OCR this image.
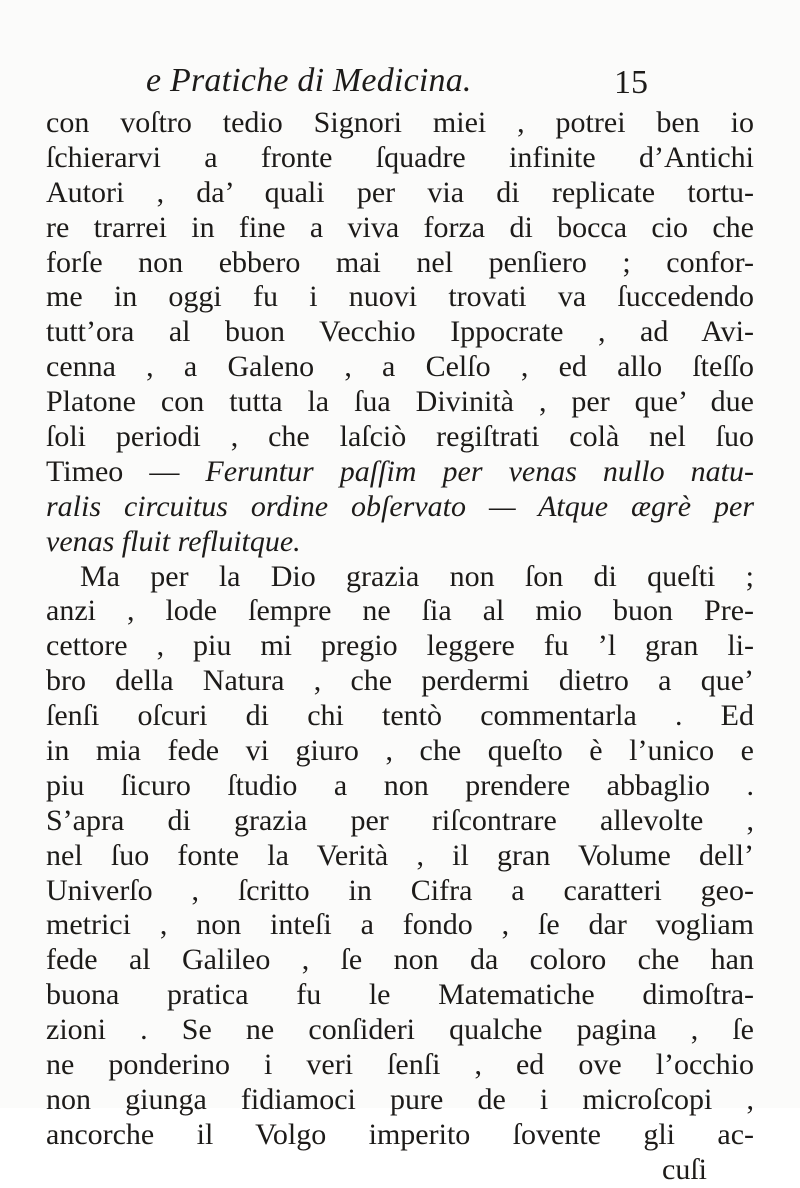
e Pratiche di Medicina.	15
con voſtro tedio Signori miei , potrei ben io
ſchierarvi a fronte ſquadre infinite d’Antichi
Autori , da’ quali per via di replicate tortu-
re trarrei in fine a viva forza di bocca cio che
forſe non ebbero mai nel penſiero ; confor-
me in oggi fu i nuovi trovati va ſuccedendo
tutt’ora al buon Vecchio Ippocrate , ad Avi-
cenna , a Galeno , a Celſo , ed allo ſteſſo
Platone con tutta la ſua Divinità , per que’ due
ſoli periodi , che laſciò regiſtrati colà nel ſuo
Timeo — Feruntur paſſim per venas nullo natu-
ralis circuitus ordine obſervato — Atque ægrè per
venas fluit refluitque.
Ma per la Dio grazia non ſon di queſti ;
anzi , lode ſempre ne ſia al mio buon Pre-
cettore , piu mi pregio leggere fu ’l gran li-
bro della Natura , che perdermi dietro a que’
ſenſi oſcuri di chi tentò commentarla . Ed
in mia fede vi giuro , che queſto è l’unico e
piu ſicuro ſtudio a non prendere abbaglio .
S’apra di grazia per riſcontrare allevolte ,
nel ſuo fonte la Verità , il gran Volume dell’
Univerſo , ſcritto in Cifra a caratteri geo-
metrici , non inteſi a fondo , ſe dar vogliam
fede al Galileo , ſe non da coloro che han
buona pratica fu le Matematiche dimoſtra-
zioni . Se ne conſideri qualche pagina , ſe
ne ponderino i veri ſenſi , ed ove l’occhio
non giunga fidiamoci pure de i microſcopi ,
ancorche il Volgo imperito ſovente gli ac-
cuſi
